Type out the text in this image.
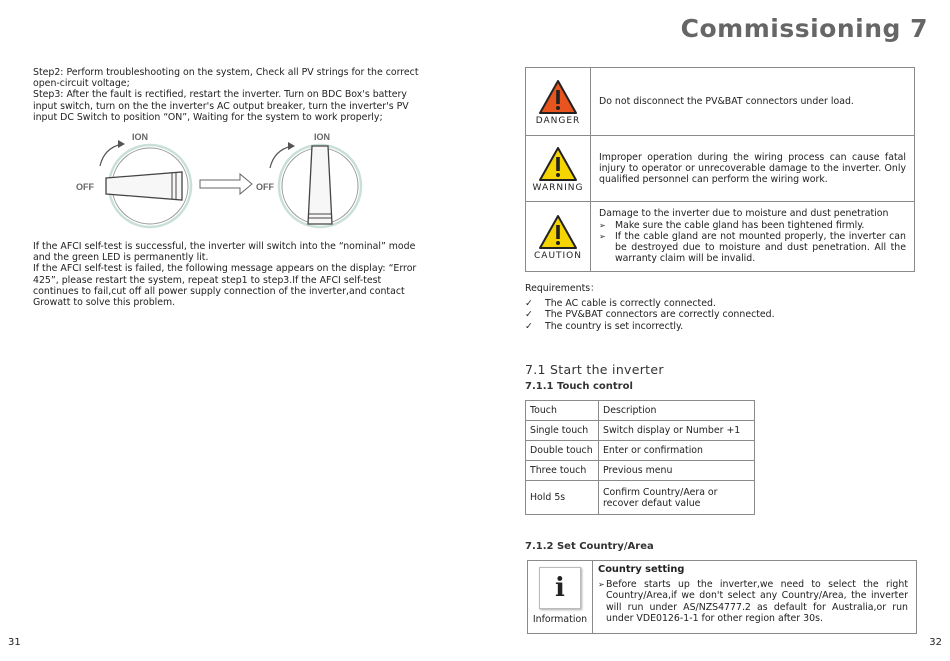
Commissioning 7

Step2: Perform troubleshooting on the system, Check all PV strings for the correct open-circuit voltage;

Step3: After the fault is rectified, restart the inverter. Turn on BDC Box's battery input switch, turn on the the inverter's AC output breaker, turn the inverter's PV input DC Switch to position “ON”, Waiting for the system to work properly;

ION
OFF
ION
OFF

If the AFCI self-test is successful, the inverter will switch into the “nominal” mode and the green LED is permanently lit.

If the AFCI self-test is failed, the following message appears on the display: “Error 425”, please restart the system, repeat step1 to step3.If the AFCI self-test continues to fail,cut off all power supply connection of the inverter,and contact Growatt to solve this problem.

DANGER	Do not disconnect the PV&BAT connectors under load.

WARNING	Improper operation during the wiring process can cause fatal injury to operator or unrecoverable damage to the inverter. Only qualified personnel can perform the wiring work.

CAUTION	Damage to the inverter due to moisture and dust penetration
➢ Make sure the cable gland has been tightened firmly.
➢ If the cable gland are not mounted properly, the inverter can be destroyed due to moisture and dust penetration. All the warranty claim will be invalid.
Requirements：
✓	The AC cable is correctly connected.
✓	The PV&BAT connectors are correctly connected.
✓	The country is set incorrectly.
7.1 Start the inverter
7.1.1 Touch control
Touch	Description
Single touch	Switch display or Number +1
Double touch	Enter or confirmation
Three touch	Previous menu
Hold 5s	Confirm Country/Aera or recover defaut value
7.1.2 Set Country/Area
i
Information
Country setting
➢ Before starts up the inverter,we need to select the right Country/Area,if we don't select any Country/Area, the inverter will run under AS/NZS4777.2 as default for Australia,or run under VDE0126-1-1 for other region after 30s.
31	32
